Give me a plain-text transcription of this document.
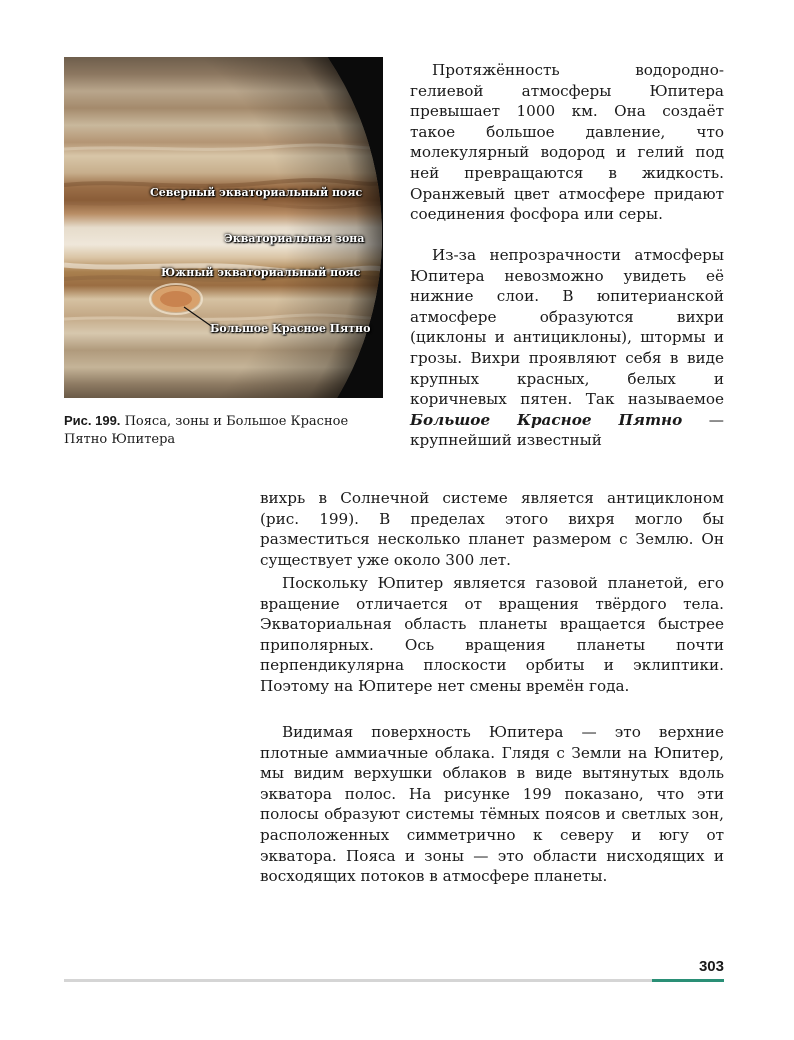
Северный экваториальный пояс
Экваториальная зона
Южный экваториальный пояс
Большое Красное Пятно
Рис. 199. Пояса, зоны и Большое Красное Пятно Юпитера

Протяжённость водородно-гелиевой атмосферы Юпитера превышает 1000 км. Она создаёт такое большое давление, что молекулярный водород и гелий под ней превращаются в жидкость. Оранжевый цвет атмосфере придают соединения фосфора или серы.

Из-за непрозрачности атмосферы Юпитера невозможно увидеть её нижние слои. В юпитерианской атмосфере образуются вихри (циклоны и антициклоны), штормы и грозы. Вихри проявляют себя в виде крупных красных, белых и коричневых пятен. Так называемое Большое Красное Пятно — крупнейший известный

вихрь в Солнечной системе является антициклоном (рис. 199). В пределах этого вихря могло бы разместиться несколько планет размером с Землю. Он существует уже около 300 лет.

Поскольку Юпитер является газовой планетой, его вращение отличается от вращения твёрдого тела. Экваториальная область планеты вращается быстрее приполярных. Ось вращения планеты почти перпендикулярна плоскости орбиты и эклиптики. Поэтому на Юпитере нет смены времён года.

Видимая поверхность Юпитера — это верхние плотные аммиачные облака. Глядя с Земли на Юпитер, мы видим верхушки облаков в виде вытянутых вдоль экватора полос. На рисунке 199 показано, что эти полосы образуют системы тёмных поясов и светлых зон, расположенных симметрично к северу и югу от экватора. Пояса и зоны — это области нисходящих и восходящих потоков в атмосфере планеты.

303
